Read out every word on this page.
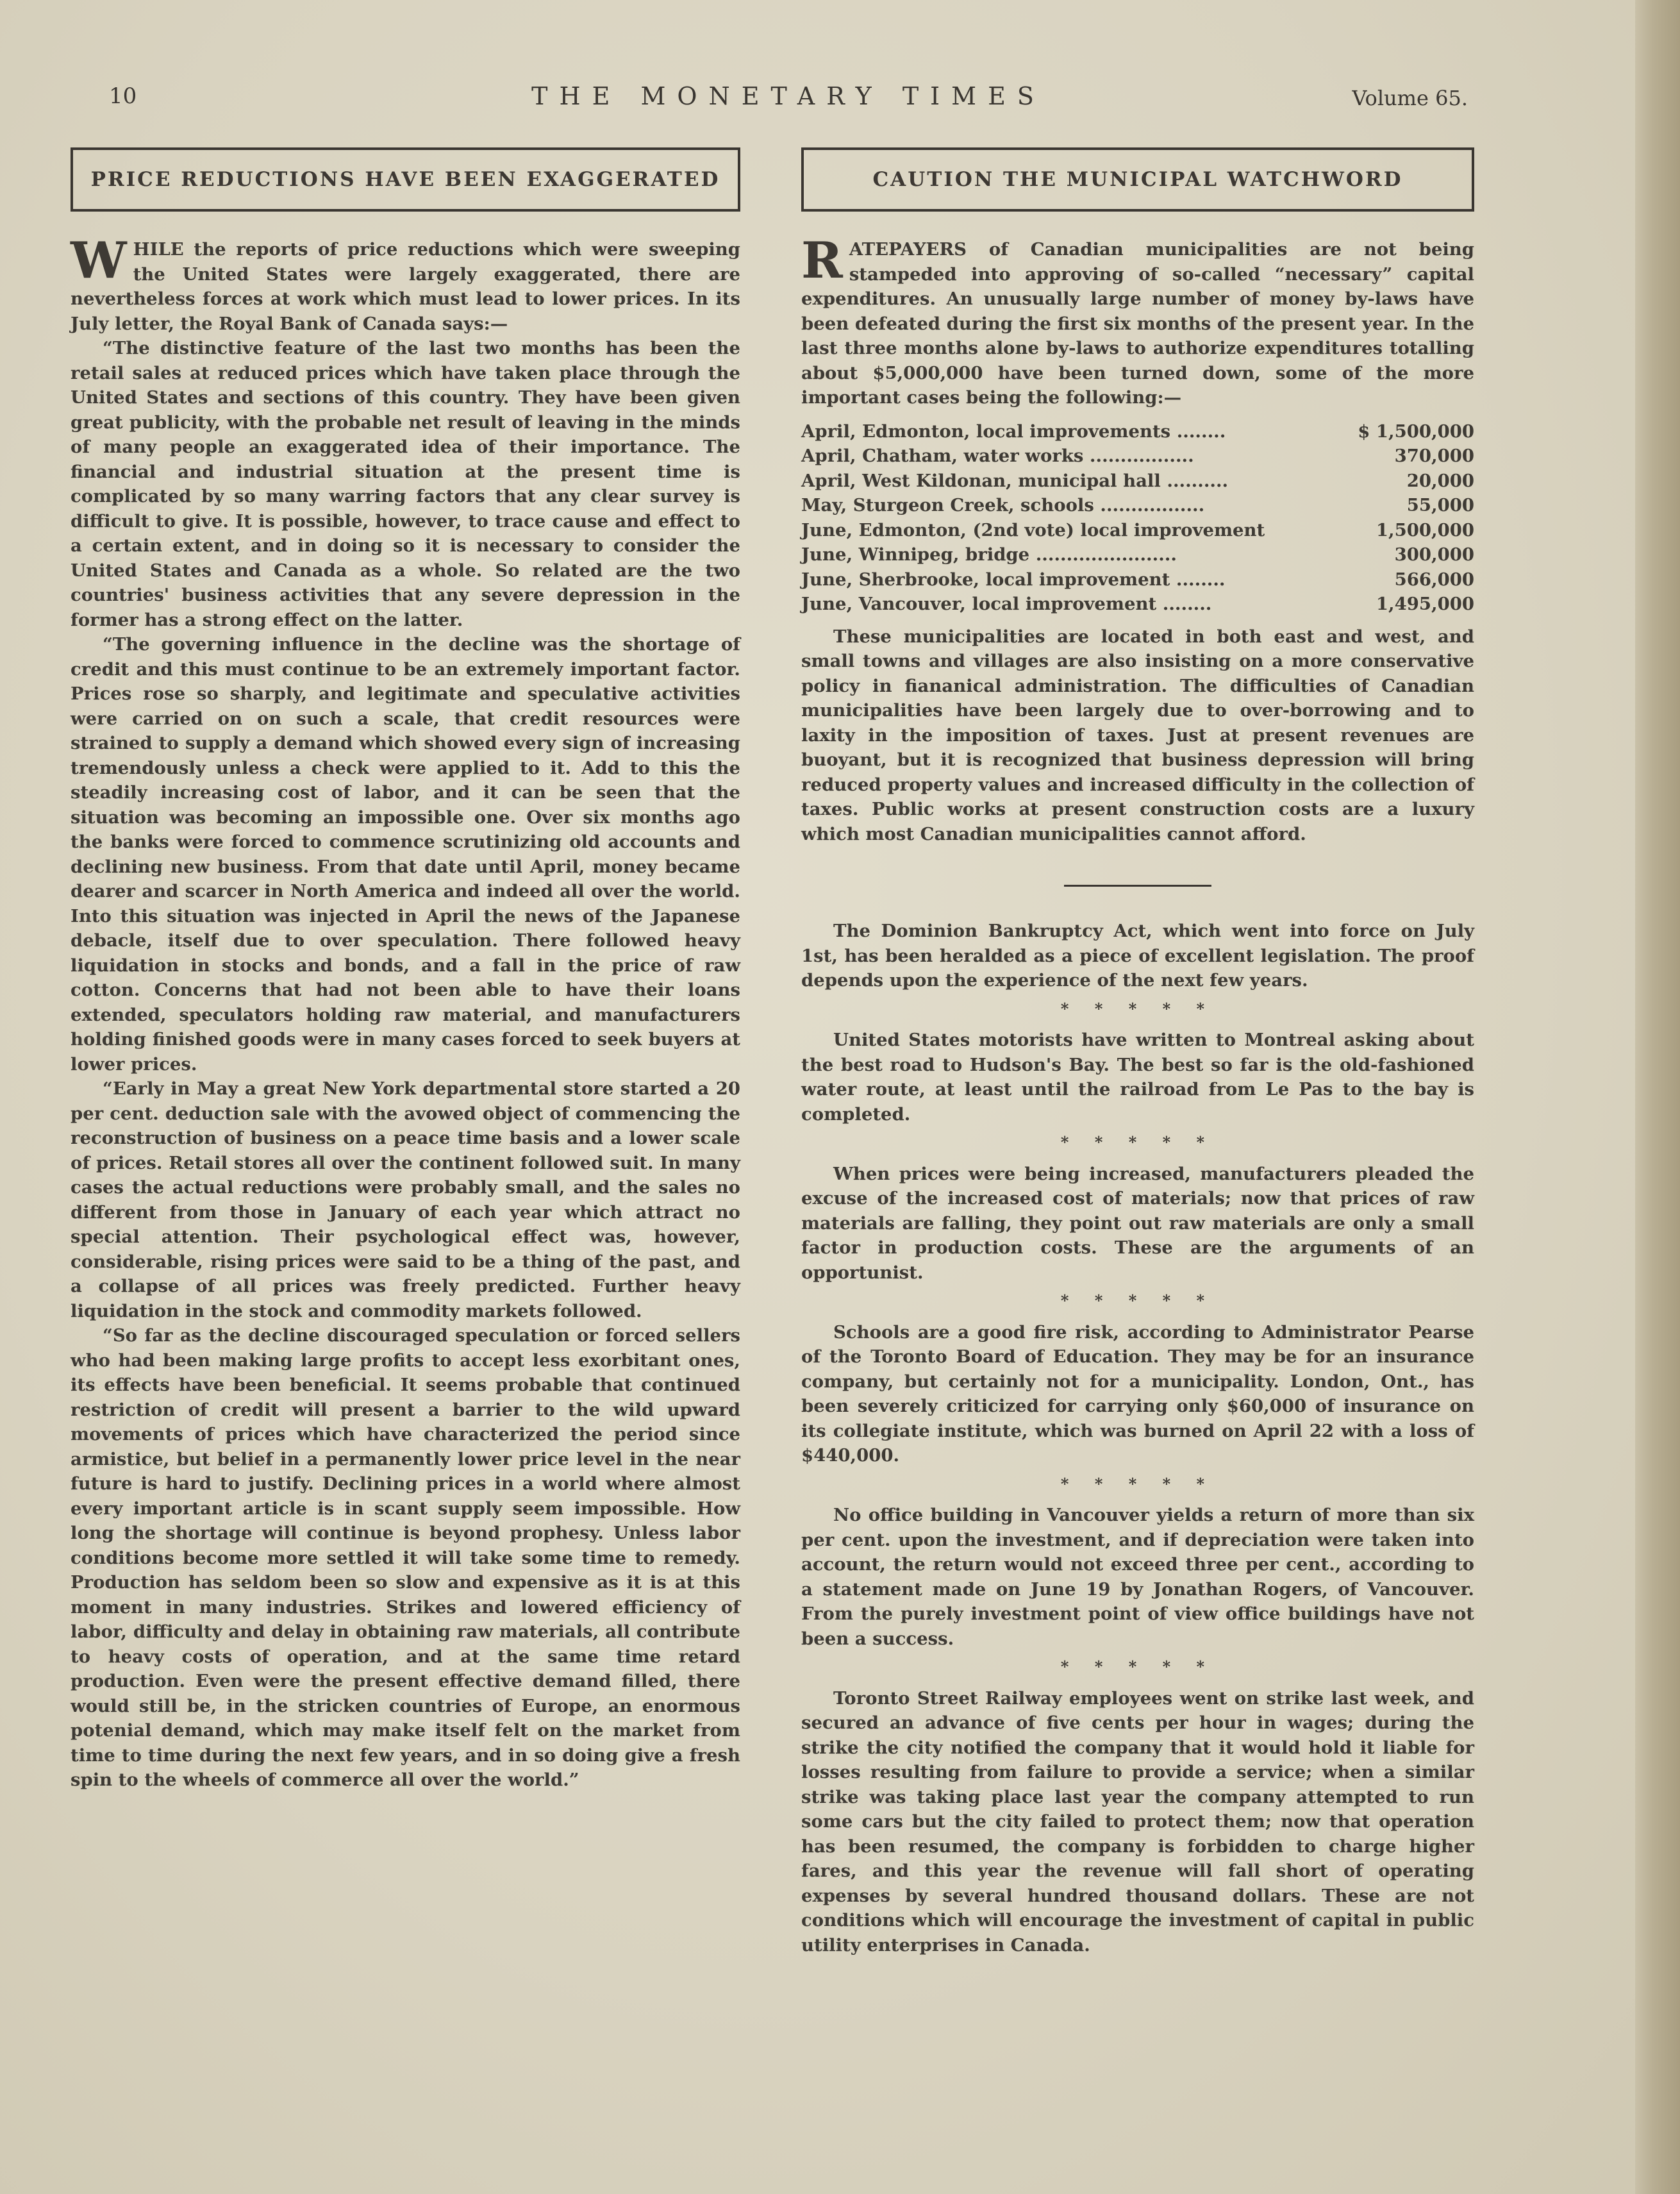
10	THE MONETARY TIMES	Volume 65.
PRICE REDUCTIONS HAVE BEEN EXAGGERATED

WHILE the reports of price reductions which were sweeping the United States were largely exaggerated, there are nevertheless forces at work which must lead to lower prices. In its July letter, the Royal Bank of Canada says:—

“The distinctive feature of the last two months has been the retail sales at reduced prices which have taken place through the United States and sections of this country. They have been given great publicity, with the probable net result of leaving in the minds of many people an exaggerated idea of their importance. The financial and industrial situation at the present time is complicated by so many warring factors that any clear survey is difficult to give. It is possible, however, to trace cause and effect to a certain extent, and in doing so it is necessary to consider the United States and Canada as a whole. So related are the two countries' business activities that any severe depression in the former has a strong effect on the latter.

“The governing influence in the decline was the shortage of credit and this must continue to be an extremely important factor. Prices rose so sharply, and legitimate and speculative activities were carried on on such a scale, that credit resources were strained to supply a demand which showed every sign of increasing tremendously unless a check were applied to it. Add to this the steadily increasing cost of labor, and it can be seen that the situation was becoming an impossible one. Over six months ago the banks were forced to commence scrutinizing old accounts and declining new business. From that date until April, money became dearer and scarcer in North America and indeed all over the world. Into this situation was injected in April the news of the Japanese debacle, itself due to over speculation. There followed heavy liquidation in stocks and bonds, and a fall in the price of raw cotton. Concerns that had not been able to have their loans extended, speculators holding raw material, and manufacturers holding finished goods were in many cases forced to seek buyers at lower prices.

“Early in May a great New York departmental store started a 20 per cent. deduction sale with the avowed object of commencing the reconstruction of business on a peace time basis and a lower scale of prices. Retail stores all over the continent followed suit. In many cases the actual reductions were probably small, and the sales no different from those in January of each year which attract no special attention. Their psychological effect was, however, considerable, rising prices were said to be a thing of the past, and a collapse of all prices was freely predicted. Further heavy liquidation in the stock and commodity markets followed.

“So far as the decline discouraged speculation or forced sellers who had been making large profits to accept less exorbitant ones, its effects have been beneficial. It seems probable that continued restriction of credit will present a barrier to the wild upward movements of prices which have characterized the period since armistice, but belief in a permanently lower price level in the near future is hard to justify. Declining prices in a world where almost every important article is in scant supply seem impossible. How long the shortage will continue is beyond prophesy. Unless labor conditions become more settled it will take some time to remedy. Production has seldom been so slow and expensive as it is at this moment in many industries. Strikes and lowered efficiency of labor, difficulty and delay in obtaining raw materials, all contribute to heavy costs of operation, and at the same time retard production. Even were the present effective demand filled, there would still be, in the stricken countries of Europe, an enormous potenial demand, which may make itself felt on the market from time to time during the next few years, and in so doing give a fresh spin to the wheels of commerce all over the world.”

CAUTION THE MUNICIPAL WATCHWORD

RATEPAYERS of Canadian municipalities are not being stampeded into approving of so-called “necessary” capital expenditures. An unusually large number of money by-laws have been defeated during the first six months of the present year. In the last three months alone by-laws to authorize expenditures totalling about $5,000,000 have been turned down, some of the more important cases being the following:—

April, Edmonton, local improvements ........	$ 1,500,000
April, Chatham, water works .................	370,000
April, West Kildonan, municipal hall ..........	20,000
May, Sturgeon Creek, schools .................	55,000
June, Edmonton, (2nd vote) local improvement	1,500,000
June, Winnipeg, bridge .......................	300,000
June, Sherbrooke, local improvement ........	566,000
June, Vancouver, local improvement ........	1,495,000

These municipalities are located in both east and west, and small towns and villages are also insisting on a more conservative policy in fiananical administration. The difficulties of Canadian municipalities have been largely due to over-borrowing and to laxity in the imposition of taxes. Just at present revenues are buoyant, but it is recognized that business depression will bring reduced property values and increased difficulty in the collection of taxes. Public works at present construction costs are a luxury which most Canadian municipalities cannot afford.

The Dominion Bankruptcy Act, which went into force on July 1st, has been heralded as a piece of excellent legislation. The proof depends upon the experience of the next few years.

* * * * *

United States motorists have written to Montreal asking about the best road to Hudson's Bay. The best so far is the old-fashioned water route, at least until the railroad from Le Pas to the bay is completed.

* * * * *

When prices were being increased, manufacturers pleaded the excuse of the increased cost of materials; now that prices of raw materials are falling, they point out raw materials are only a small factor in production costs. These are the arguments of an opportunist.

* * * * *

Schools are a good fire risk, according to Administrator Pearse of the Toronto Board of Education. They may be for an insurance company, but certainly not for a municipality. London, Ont., has been severely criticized for carrying only $60,000 of insurance on its collegiate institute, which was burned on April 22 with a loss of $440,000.

* * * * *

No office building in Vancouver yields a return of more than six per cent. upon the investment, and if depreciation were taken into account, the return would not exceed three per cent., according to a statement made on June 19 by Jonathan Rogers, of Vancouver. From the purely investment point of view office buildings have not been a success.

* * * * *

Toronto Street Railway employees went on strike last week, and secured an advance of five cents per hour in wages; during the strike the city notified the company that it would hold it liable for losses resulting from failure to provide a service; when a similar strike was taking place last year the company attempted to run some cars but the city failed to protect them; now that operation has been resumed, the company is forbidden to charge higher fares, and this year the revenue will fall short of operating expenses by several hundred thousand dollars. These are not conditions which will encourage the investment of capital in public utility enterprises in Canada.
